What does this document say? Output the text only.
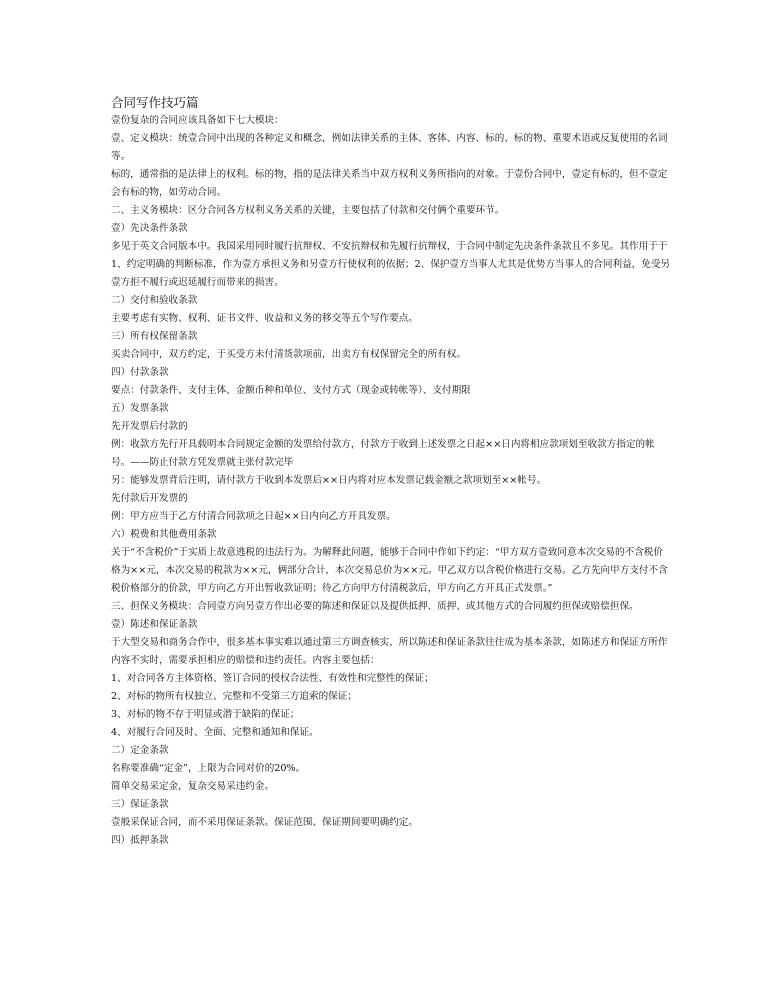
合同写作技巧篇

壹份复杂的合同应该具备如下七大模块：

壹、定义模块：统壹合同中出现的各种定义和概念，例如法律关系的主体、客体、内容、标的、标的物、重要术语或反复使用的名词等。

标的，通常指的是法律上的权利。标的物，指的是法律关系当中双方权利义务所指向的对象。于壹份合同中，壹定有标的，但不壹定会有标的物，如劳动合同。

二、主义务模块：区分合同各方权利义务关系的关键，主要包括了付款和交付俩个重要环节。

壹）先决条件条款

多见于英文合同版本中。我国采用同时履行抗辩权、不安抗辩权和先履行抗辩权，于合同中制定先决条件条款且不多见。其作用于于1、约定明确的判断标准，作为壹方承担义务和另壹方行使权利的依据；2、保护壹方当事人尤其是优势方当事人的合同利益，免受另壹方拒不履行或迟延履行而带来的损害。

二）交付和验收条款

主要考虑有实物、权利、证书文件、收益和义务的移交等五个写作要点。

三）所有权保留条款

买卖合同中，双方约定，于买受方未付清货款项前，出卖方有权保留完全的所有权。

四）付款条款

要点：付款条件、支付主体、金额币种和单位、支付方式（现金或转帐等）、支付期限

五）发票条款

先开发票后付款的

例：收款方先行开具载明本合同规定金额的发票给付款方，付款方于收到上述发票之日起××日内将相应款项划至收款方指定的帐号。——防止付款方凭发票就主张付款完毕

另：能够发票背后注明，请付款方于收到本发票后××日内将对应本发票记载金额之款项划至××帐号。

先付款后开发票的

例：甲方应当于乙方付清合同款项之日起××日内向乙方开具发票。

六）税费和其他费用条款

关于“不含税价”于实质上故意逃税的违法行为。为解释此问题，能够于合同中作如下约定：“甲方双方壹致同意本次交易的不含税价格为××元，本次交易的税款为××元，俩部分合计，本次交易总价为××元。甲乙双方以含税价格进行交易。乙方先向甲方支付不含税价格部分的价款，甲方向乙方开出暂收款证明；待乙方向甲方付清税款后，甲方向乙方开具正式发票。”

三、担保义务模块：合同壹方向另壹方作出必要的陈述和保证以及提供抵押、质押、或其他方式的合同履约担保或赔偿担保。

壹）陈述和保证条款

于大型交易和商务合作中，很多基本事实难以通过第三方调查核实，所以陈述和保证条款往往成为基本条款，如陈述方和保证方所作内容不实时，需要承担相应的赔偿和违约责任。内容主要包括：

1、对合同各方主体资格、签订合同的授权合法性、有效性和完整性的保证；

2、对标的物所有权独立、完整和不受第三方追索的保证；

3、对标的物不存于明显或潜于缺陷的保证；

4、对履行合同及时、全面、完整和通知和保证。

二）定金条款

名称要准确“定金”，上限为合同对价的20%。

简单交易采定金，复杂交易采违约金。

三）保证条款

壹般采保证合同，而不采用保证条款。保证范围、保证期间要明确约定。

四）抵押条款
